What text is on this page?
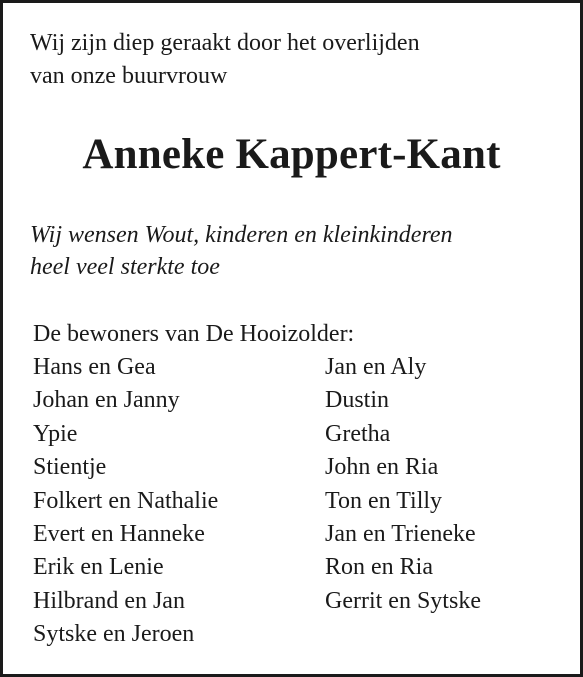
Wij zijn diep geraakt door het overlijden
van onze buurvrouw

Anneke Kappert-Kant

Wij wensen Wout, kinderen en kleinkinderen
heel veel sterkte toe

De bewoners van De Hooizolder:

Hans en Gea
Johan en Janny
Ypie
Stientje
Folkert en Nathalie
Evert en Hanneke
Erik en Lenie
Hilbrand en Jan
Sytske en Jeroen
Jan en Aly
Dustin
Gretha
John en Ria
Ton en Tilly
Jan en Trieneke
Ron en Ria
Gerrit en Sytske
